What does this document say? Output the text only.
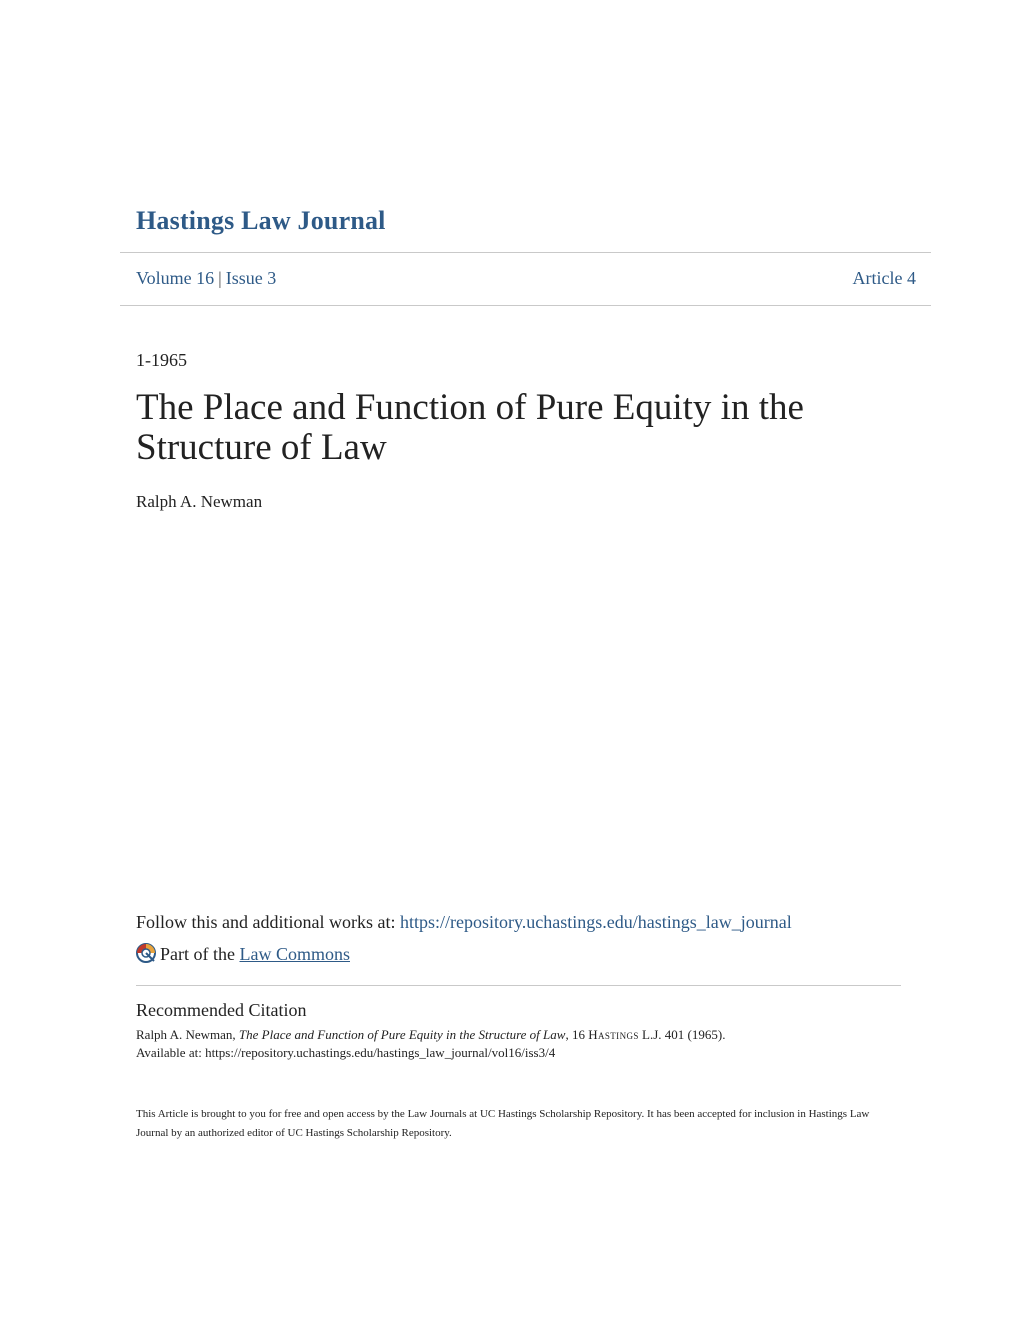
Hastings Law Journal
Volume 16 | Issue 3	Article 4
1-1965
The Place and Function of Pure Equity in the Structure of Law
Ralph A. Newman
Follow this and additional works at: https://repository.uchastings.edu/hastings_law_journal
Part of the Law Commons
Recommended Citation
Ralph A. Newman, The Place and Function of Pure Equity in the Structure of Law, 16 Hastings L.J. 401 (1965).
Available at: https://repository.uchastings.edu/hastings_law_journal/vol16/iss3/4
This Article is brought to you for free and open access by the Law Journals at UC Hastings Scholarship Repository. It has been accepted for inclusion in Hastings Law Journal by an authorized editor of UC Hastings Scholarship Repository.
